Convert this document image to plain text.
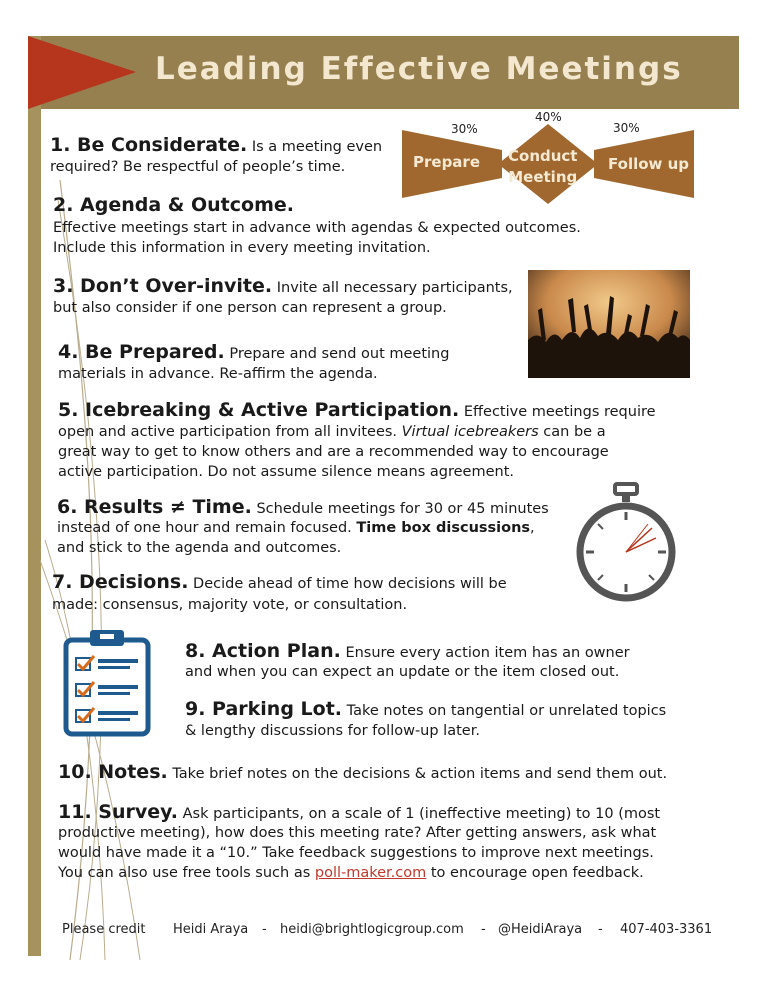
Leading Effective Meetings
30%
40%
30%
Prepare Conduct
Meeting
Follow up
1. Be Considerate. Is a meeting even
required? Be respectful of people’s time.
2. Agenda & Outcome.
Effective meetings start in advance with agendas & expected outcomes.
Include this information in every meeting invitation.
3. Don’t Over-invite. Invite all necessary participants,
but also consider if one person can represent a group.
4. Be Prepared. Prepare and send out meeting
materials in advance. Re-affirm the agenda.
5. Icebreaking & Active Participation. Effective meetings require
open and active participation from all invitees. Virtual icebreakers can be a
great way to get to know others and are a recommended way to encourage
active participation. Do not assume silence means agreement.
6. Results ≠ Time. Schedule meetings for 30 or 45 minutes
instead of one hour and remain focused. Time box discussions,
and stick to the agenda and outcomes.
7. Decisions. Decide ahead of time how decisions will be
made: consensus, majority vote, or consultation.
8. Action Plan. Ensure every action item has an owner
and when you can expect an update or the item closed out.
9. Parking Lot. Take notes on tangential or unrelated topics
& lengthy discussions for follow-up later.
10. Notes. Take brief notes on the decisions & action items and send them out.
11. Survey. Ask participants, on a scale of 1 (ineffective meeting) to 10 (most
productive meeting), how does this meeting rate? After getting answers, ask what
would have made it a “10.” Take feedback suggestions to improve next meetings.
You can also use free tools such as poll-maker.com to encourage open feedback.
Please credit Heidi Araya - heidi@brightlogicgroup.com - @HeidiAraya - 407-403-3361
